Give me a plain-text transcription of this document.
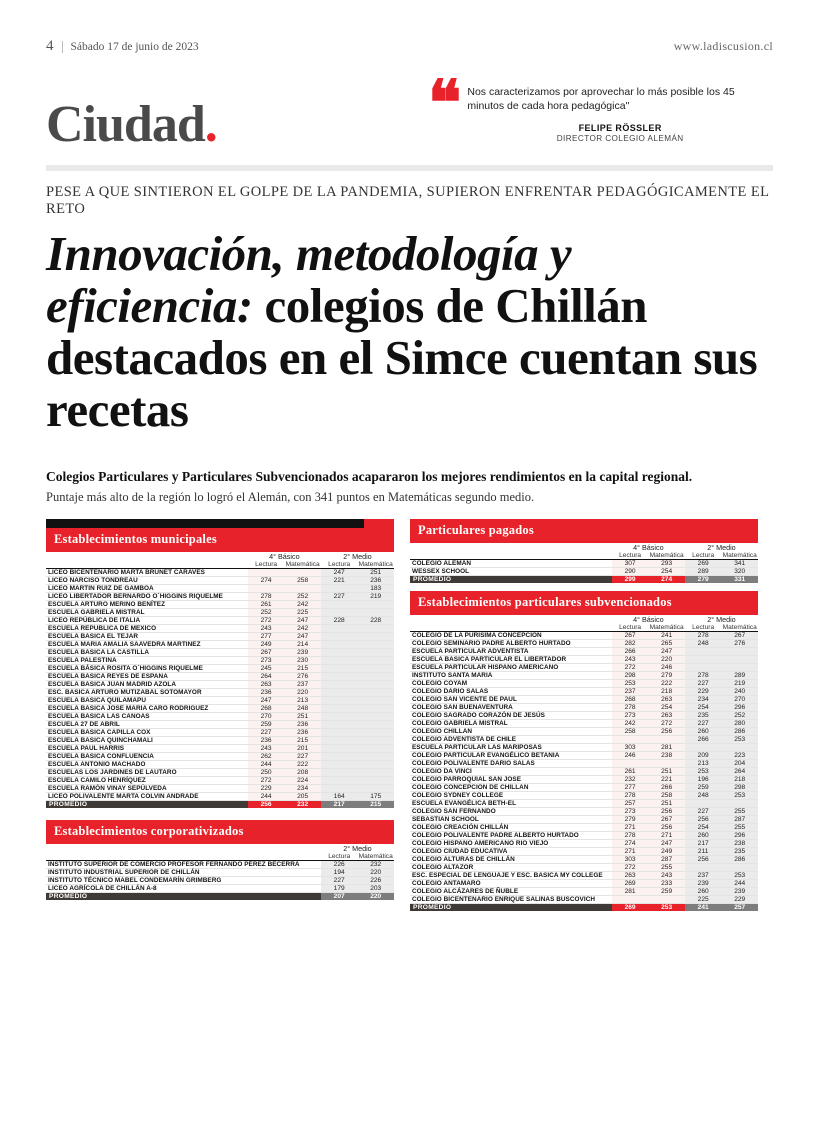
4	Sábado 17 de junio de 2023	www.ladiscusion.cl
Ciudad.	❝ Nos caracterizamos por aprovechar lo más posible los 45 minutos de cada hora pedagógica"
FELIPE RÖSSLER
DIRECTOR COLEGIO ALEMÁN
PESE A QUE SINTIERON EL GOLPE DE LA PANDEMIA, SUPIERON ENFRENTAR PEDAGÓGICAMENTE EL RETO
Innovación, metodología y eficiencia: colegios de Chillán destacados en el Simce cuentan sus recetas
Colegios Particulares y Particulares Subvencionados acapararon los mejores rendimientos en la capital regional.
Puntaje más alto de la región lo logró el Alemán, con 341 puntos en Matemáticas segundo medio.
Establecimientos municipales
	4° Básico		2° Medio	
	Lectura	Matemática	Lectura	Matemática
LICEO BICENTENARIO MARTA BRUNET CÁRAVES			247	251
LICEO NARCISO TONDREAU	274	258	221	236
LICEO MARTIN RUIZ DE GAMBOA				183
LICEO LIBERTADOR BERNARDO O´HIGGINS RIQUELME	278	252	227	219
ESCUELA ARTURO MERINO BENÍTEZ	261	242		
ESCUELA GABRIELA MISTRAL	252	225		
LICEO REPÚBLICA DE ITALIA	272	247	228	228
ESCUELA REPUBLICA DE MEXICO	243	242		
ESCUELA BASICA EL TEJAR	277	247		
ESCUELA MARIA AMALIA SAAVEDRA MARTINEZ	249	214		
ESCUELA BASICA LA CASTILLA	267	239		
ESCUELA PALESTINA	273	230		
ESCUELA BÁSICA ROSITA O´HIGGINS RIQUELME	245	215		
ESCUELA BASICA REYES DE ESPANA	264	276		
ESCUELA BASICA JUAN MADRID AZOLA	263	237		
ESC. BASICA ARTURO MUTIZABAL SOTOMAYOR	236	220		
ESCUELA BASICA QUILAMAPU	247	213		
ESCUELA BASICA JOSE MARIA CARO RODRIGUEZ	268	248		
ESCUELA BASICA LAS CANOAS	270	251		
ESCUELA 27 DE ABRIL	259	236		
ESCUELA BASICA CAPILLA COX	227	236		
ESCUELA BASICA QUINCHAMALI	236	215		
ESCUELA PAUL HARRIS	243	201		
ESCUELA BASICA CONFLUENCIA	262	227		
ESCUELA ANTONIO MACHADO	244	222		
ESCUELAS LOS JARDINES DE LAUTARO	250	208		
ESCUELA CAMILO HENRÍQUEZ	272	224		
ESCUELA RAMÓN VINAY SEPÚLVEDA	229	234		
LICEO POLIVALENTE MARTA COLVIN ANDRADE	244	205	164	175
PROMEDIO	256	232	217	215
Establecimientos corporativizados
	2° Medio	
	Lectura	Matemática
INSTITUTO SUPERIOR DE COMERCIO PROFESOR FERNANDO PÉREZ BECERRA	226	232
INSTITUTO INDUSTRIAL SUPERIOR DE CHILLÁN	194	220
INSTITUTO TÉCNICO MABEL CONDEMARÍN GRIMBERG	227	226
LICEO AGRÍCOLA DE CHILLÁN A-8	179	203
PROMEDIO	207	220
Particulares pagados
	4° Básico		2° Medio	
	Lectura	Matemática	Lectura	Matemática
COLEGIO ALEMÁN	307	293	269	341
WESSEX SCHOOL	290	254	289	320
PROMEDIO	299	274	279	331
Establecimientos particulares subvencionados
	4° Básico		2° Medio	
	Lectura	Matemática	Lectura	Matemática
COLEGIO DE LA PURISIMA CONCEPCION	267	241	278	267
COLEGIO SEMINARIO PADRE ALBERTO HURTADO	282	265	248	276
ESCUELA PARTICULAR ADVENTISTA	266	247		
ESCUELA BASICA PARTICULAR EL LIBERTADOR	243	220		
ESCUELA PARTICULAR HISPANO AMERICANO	272	246		
INSTITUTO SANTA MARIA	298	279	278	289
COLEGIO COYAM	253	222	227	219
COLEGIO DARIO SALAS	237	218	229	240
COLEGIO SAN VICENTE DE PAUL	268	263	234	270
COLEGIO SAN BUENAVENTURA	278	254	254	296
COLEGIO SAGRADO CORAZÓN DE JESÚS	273	263	235	252
COLEGIO GABRIELA MISTRAL	242	272	227	280
COLEGIO CHILLAN	258	256	260	286
COLEGIO ADVENTISTA DE CHILE			266	253
ESCUELA PARTICULAR LAS MARIPOSAS	303	281		
COLEGIO PARTICULAR EVANGÉLICO BETANIA	246	238	209	223
COLEGIO POLIVALENTE DARIO SALAS			213	204
COLEGIO DA VINCI	261	251	253	264
COLEGIO PARROQUIAL SAN JOSE	232	221	196	218
COLEGIO CONCEPCION DE CHILLAN	277	266	259	298
COLEGIO SYDNEY COLLEGE	278	258	248	253
ESCUELA EVANGÉLICA BETH-EL	257	251		
COLEGIO SAN FERNANDO	273	256	227	255
SEBASTIAN SCHOOL	279	267	256	287
COLEGIO CREACIÓN CHILLÁN	271	256	254	255
COLEGIO POLIVALENTE PADRE ALBERTO HURTADO	278	271	260	296
COLEGIO HISPANO AMERICANO RIO VIEJO	274	247	217	238
COLEGIO CIUDAD EDUCATIVA	271	249	211	235
COLEGIO ALTURAS DE CHILLÁN	303	287	256	286
COLEGIO ALTAZOR	272	255		
ESC. ESPECIAL DE LENGUAJE Y ESC. BASICA MY COLLEGE	263	243	237	253
COLEGIO ANTAMARO	269	233	239	244
COLEGIO ALCÁZARES DE ÑUBLE	281	259	260	239
COLEGIO BICENTENARIO ENRIQUE SALINAS BUSCOVICH			225	229
PROMEDIO	269	253	241	257
